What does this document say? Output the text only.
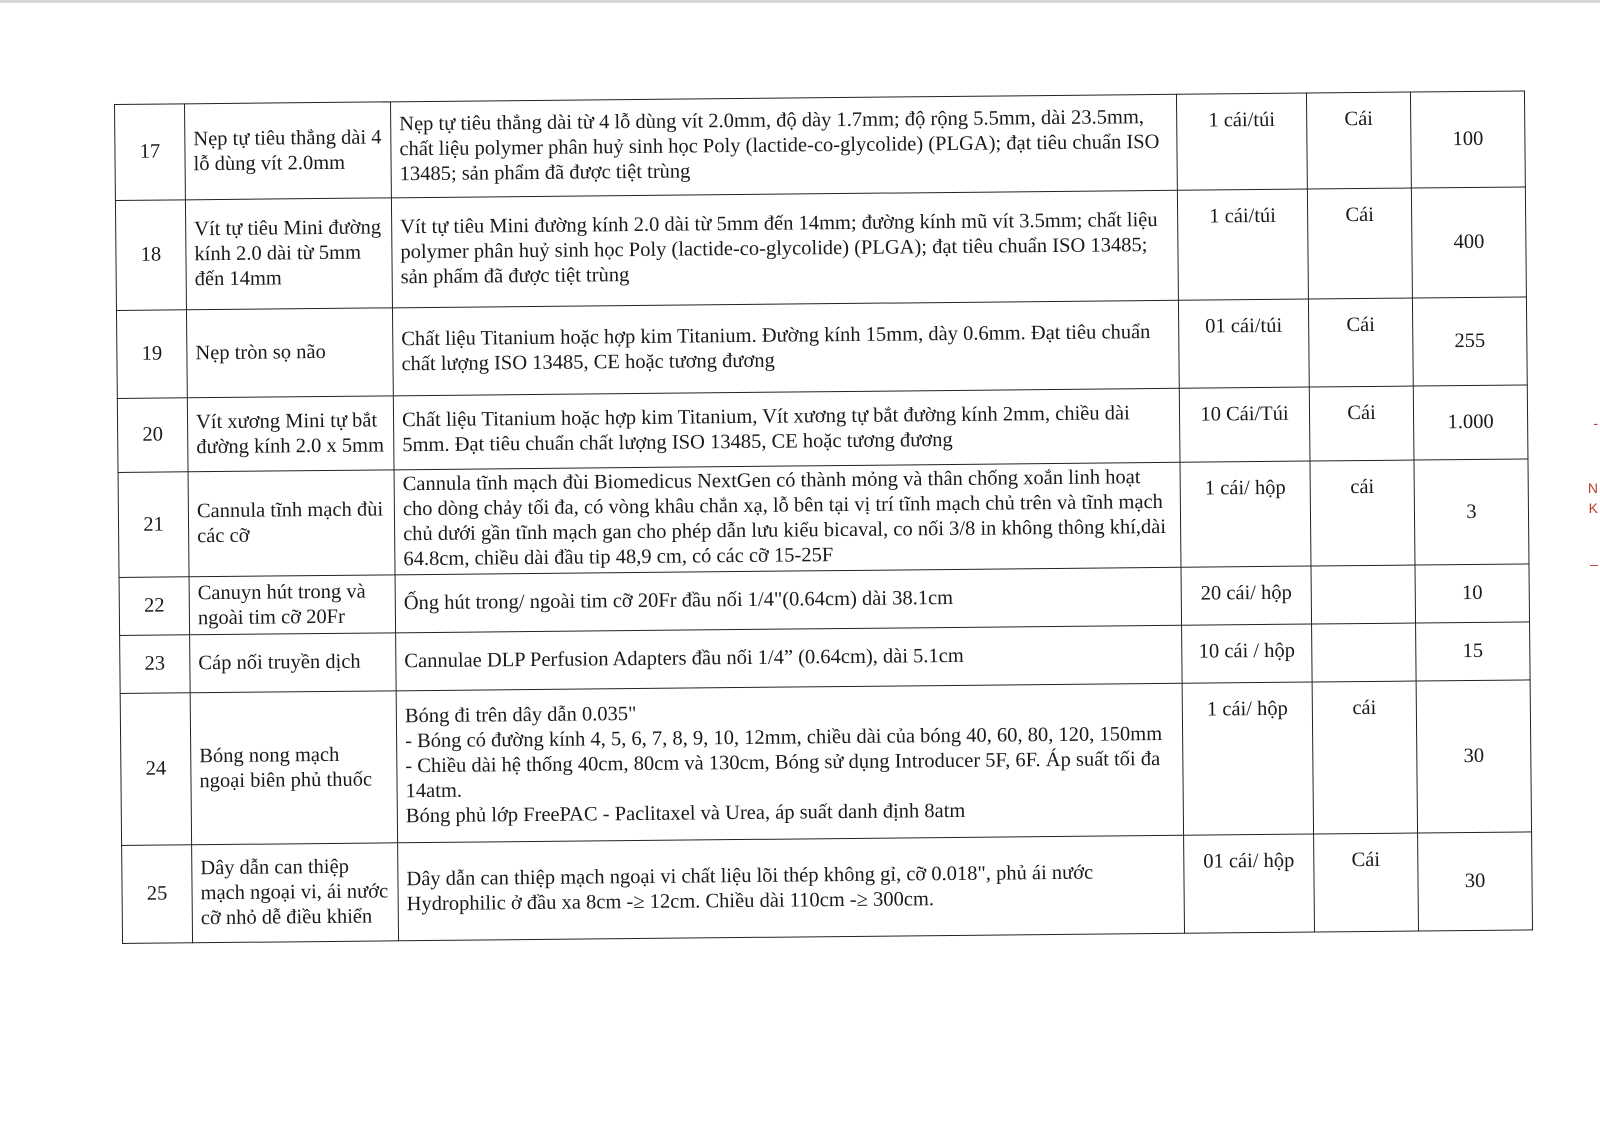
17	Nẹp tự tiêu thẳng dài 4 lỗ dùng vít 2.0mm	Nẹp tự tiêu thẳng dài từ 4 lỗ dùng vít 2.0mm, độ dày 1.7mm; độ rộng 5.5mm, dài 23.5mm, chất liệu polymer phân huỷ sinh học Poly (lactide-co-glycolide) (PLGA); đạt tiêu chuẩn ISO 13485; sản phẩm đã được tiệt trùng	1 cái/túi	Cái	100
18	Vít tự tiêu Mini đường kính 2.0 dài từ 5mm đến 14mm	Vít tự tiêu Mini đường kính 2.0 dài từ 5mm đến 14mm; đường kính mũ vít 3.5mm; chất liệu polymer phân huỷ sinh học Poly (lactide-co-glycolide) (PLGA); đạt tiêu chuẩn ISO 13485; sản phẩm đã được tiệt trùng	1 cái/túi	Cái	400
19	Nẹp tròn sọ não	Chất liệu Titanium hoặc hợp kim Titanium. Đường kính 15mm, dày 0.6mm. Đạt tiêu chuẩn chất lượng ISO 13485, CE hoặc tương đương	01 cái/túi	Cái	255
20	Vít xương Mini tự bắt đường kính 2.0 x 5mm	Chất liệu Titanium hoặc hợp kim Titanium, Vít xương tự bắt đường kính 2mm, chiều dài 5mm. Đạt tiêu chuẩn chất lượng ISO 13485, CE hoặc tương đương	10 Cái/Túi	Cái	1.000
21	Cannula tĩnh mạch đùi các cỡ	Cannula tĩnh mạch đùi Biomedicus NextGen có thành mỏng và thân chống xoắn linh hoạt cho dòng chảy tối đa, có vòng khâu chắn xạ, lỗ bên tại vị trí tĩnh mạch chủ trên và tĩnh mạch chủ dưới gần tĩnh mạch gan cho phép dẫn lưu kiểu bicaval, co nối 3/8 in không thông khí,dài 64.8cm, chiều dài đầu tip 48,9 cm, có các cỡ 15-25F	1 cái/ hộp	cái	3
22	Canuyn hút trong và ngoài tim cỡ 20Fr	Ống hút trong/ ngoài tim cỡ 20Fr đầu nối 1/4"(0.64cm) dài 38.1cm	20 cái/ hộp		10
23	Cáp nối truyền dịch	Cannulae DLP Perfusion Adapters đầu nối 1/4” (0.64cm), dài 5.1cm	10 cái / hộp		15
24	Bóng nong mạch ngoại biên phủ thuốc	Bóng đi trên dây dẫn 0.035"
- Bóng có đường kính 4, 5, 6, 7, 8, 9, 10, 12mm, chiều dài của bóng 40, 60, 80, 120, 150mm
- Chiều dài hệ thống 40cm, 80cm và 130cm, Bóng sử dụng Introducer 5F, 6F. Áp suất tối đa 14atm.
Bóng phủ lớp FreePAC - Paclitaxel và Urea, áp suất danh định 8atm	1 cái/ hộp	cái	30
25	Dây dẫn can thiệp mạch ngoại vi, ái nước cỡ nhỏ dễ điều khiển	Dây dẫn can thiệp mạch ngoại vi chất liệu lõi thép không gỉ, cỡ 0.018", phủ ái nước Hydrophilic ở đầu xa 8cm -≥ 12cm. Chiều dài 110cm -≥ 300cm.	01 cái/ hộp	Cái	30
-
N
K
_
